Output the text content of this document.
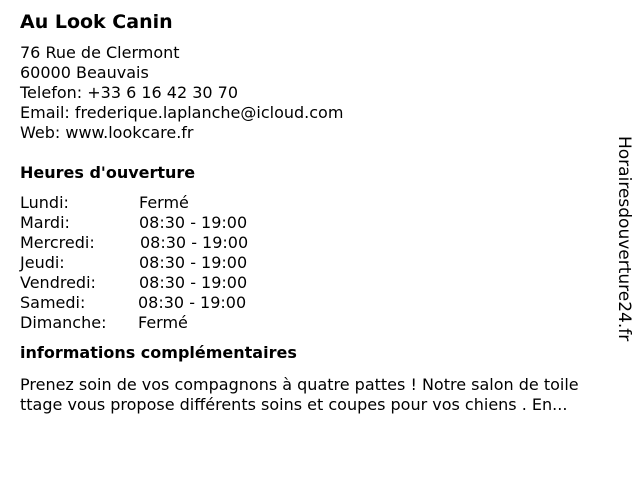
Au Look Canin
76 Rue de Clermont
60000 Beauvais
Telefon: +33 6 16 42 30 70
Email: frederique.laplanche@icloud.com
Web: www.lookcare.fr
Heures d'ouverture
Lundi:	Fermé
Mardi:	08:30 - 19:00
Mercredi:	08:30 - 19:00
Jeudi:	08:30 - 19:00
Vendredi:	08:30 - 19:00
Samedi:	08:30 - 19:00
Dimanche:	Fermé
informations complémentaires
Prenez soin de vos compagnons à quatre pattes ! Notre salon de toile
ttage vous propose différents soins et coupes pour vos chiens . En...
Horairesdouverture24.fr
